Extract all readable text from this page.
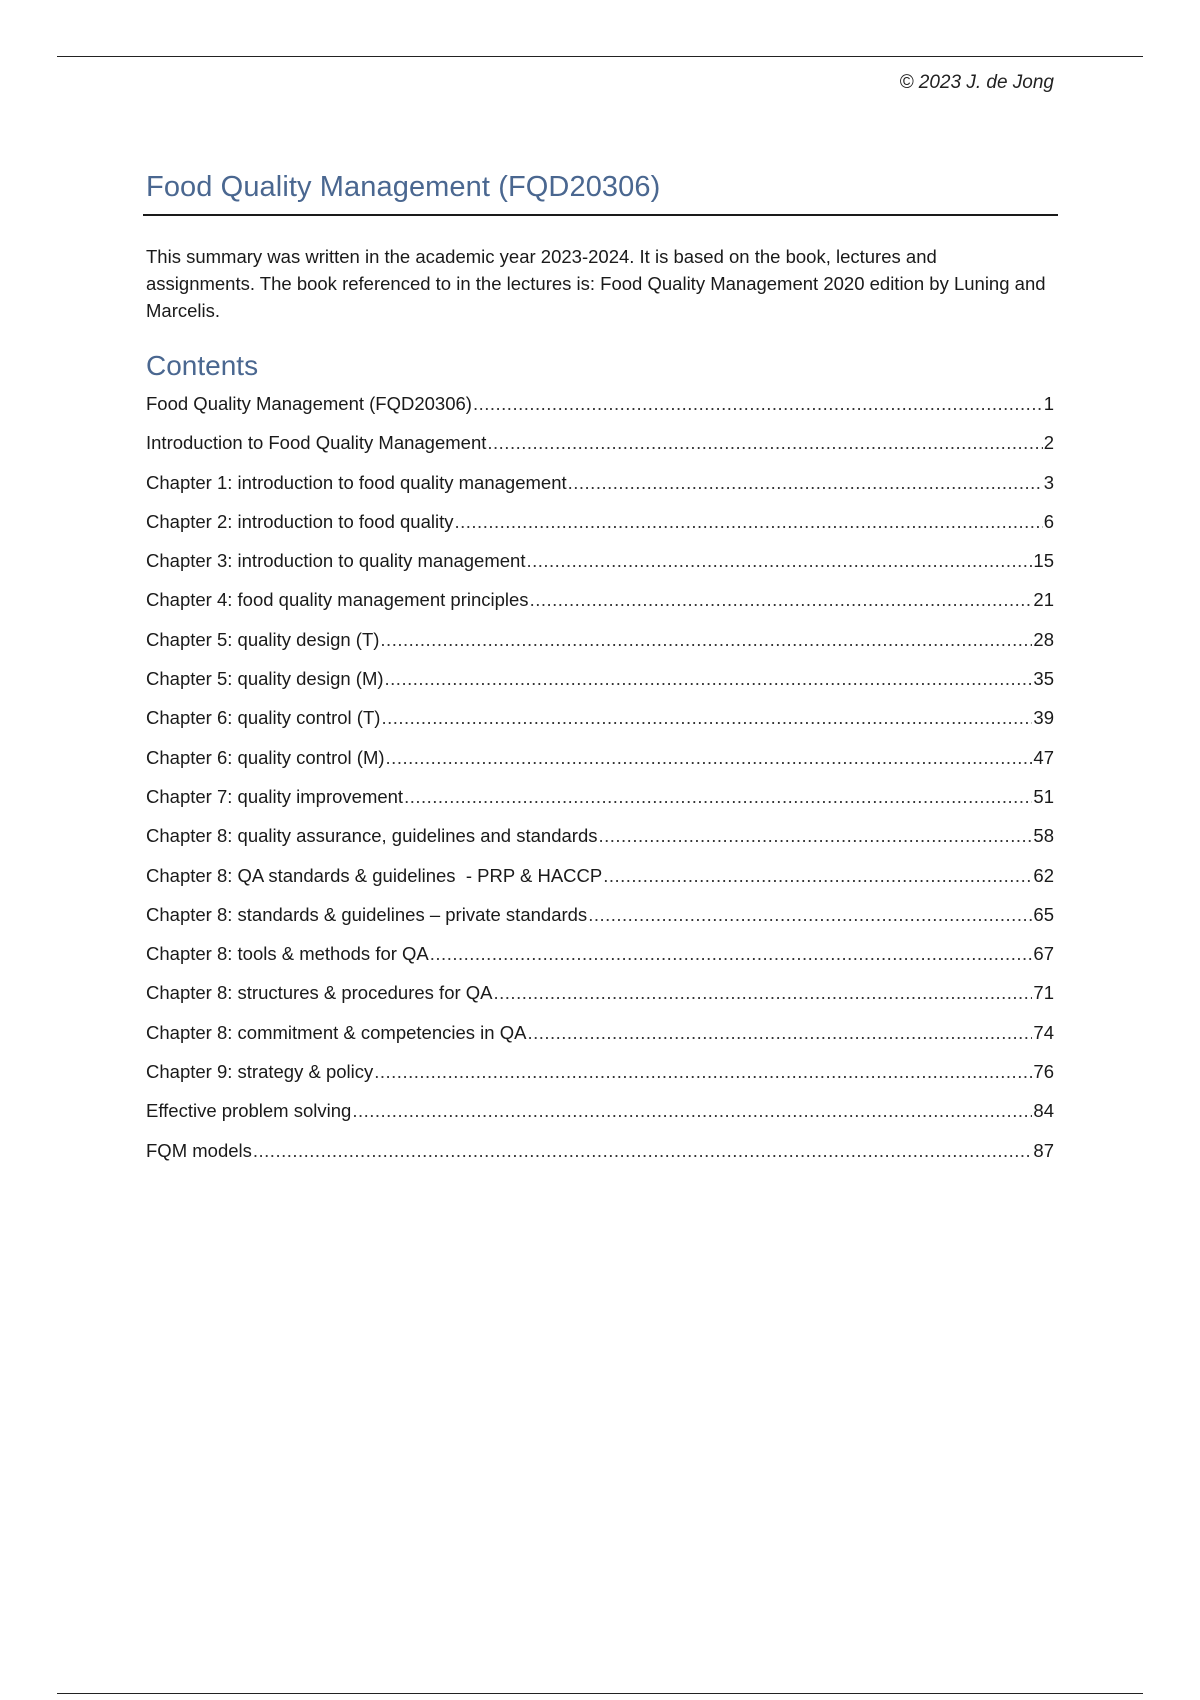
© 2023 J. de Jong
Food Quality Management (FQD20306)

This summary was written in the academic year 2023-2024. It is based on the book, lectures and assignments. The book referenced to in the lectures is: Food Quality Management 2020 edition by Luning and Marcelis.

Contents
Food Quality Management (FQD20306) .....	1
Introduction to Food Quality Management .....	2
Chapter 1: introduction to food quality management .....	3
Chapter 2: introduction to food quality .....	6
Chapter 3: introduction to quality management .....	15
Chapter 4: food quality management principles .....	21
Chapter 5: quality design (T) .....	28
Chapter 5: quality design (M) .....	35
Chapter 6: quality control (T) .....	39
Chapter 6: quality control (M) .....	47
Chapter 7: quality improvement .....	51
Chapter 8: quality assurance, guidelines and standards .....	58
Chapter 8: QA standards & guidelines  - PRP & HACCP .....	62
Chapter 8: standards & guidelines – private standards .....	65
Chapter 8: tools & methods for QA .....	67
Chapter 8: structures & procedures for QA .....	71
Chapter 8: commitment & competencies in QA .....	74
Chapter 9: strategy & policy .....	76
Effective problem solving .....	84
FQM models .....	87
